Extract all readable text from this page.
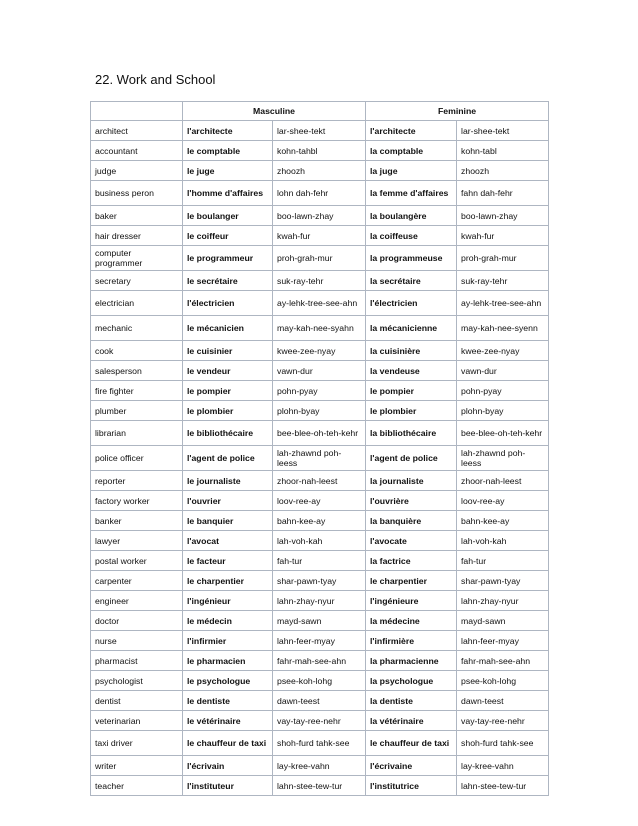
22. Work and School
	Masculine		Feminine	
architect	l'architecte	lar-shee-tekt	l'architecte	lar-shee-tekt
accountant	le comptable	kohn-tahbl	la comptable	kohn-tabl
judge	le juge	zhoozh	la juge	zhoozh
business peron	l'homme d'affaires	lohn dah-fehr	la femme d'affaires	fahn dah-fehr
baker	le boulanger	boo-lawn-zhay	la boulangère	boo-lawn-zhay
hair dresser	le coiffeur	kwah-fur	la coiffeuse	kwah-fur
computer programmer	le programmeur	proh-grah-mur	la programmeuse	proh-grah-mur
secretary	le secrétaire	suk-ray-tehr	la secrétaire	suk-ray-tehr
electrician	l'électricien	ay-lehk-tree-see-ahn	l'électricien	ay-lehk-tree-see-ahn
mechanic	le mécanicien	may-kah-nee-syahn	la mécanicienne	may-kah-nee-syenn
cook	le cuisinier	kwee-zee-nyay	la cuisinière	kwee-zee-nyay
salesperson	le vendeur	vawn-dur	la vendeuse	vawn-dur
fire fighter	le pompier	pohn-pyay	le pompier	pohn-pyay
plumber	le plombier	plohn-byay	le plombier	plohn-byay
librarian	le bibliothécaire	bee-blee-oh-teh-kehr	la bibliothécaire	bee-blee-oh-teh-kehr
police officer	l'agent de police	lah-zhawnd poh-leess	l'agent de police	lah-zhawnd poh-leess
reporter	le journaliste	zhoor-nah-leest	la journaliste	zhoor-nah-leest
factory worker	l'ouvrier	loov-ree-ay	l'ouvrière	loov-ree-ay
banker	le banquier	bahn-kee-ay	la banquière	bahn-kee-ay
lawyer	l'avocat	lah-voh-kah	l'avocate	lah-voh-kah
postal worker	le facteur	fah-tur	la factrice	fah-tur
carpenter	le charpentier	shar-pawn-tyay	le charpentier	shar-pawn-tyay
engineer	l'ingénieur	lahn-zhay-nyur	l'ingénieure	lahn-zhay-nyur
doctor	le médecin	mayd-sawn	la médecine	mayd-sawn
nurse	l'infirmier	lahn-feer-myay	l'infirmière	lahn-feer-myay
pharmacist	le pharmacien	fahr-mah-see-ahn	la pharmacienne	fahr-mah-see-ahn
psychologist	le psychologue	psee-koh-lohg	la psychologue	psee-koh-lohg
dentist	le dentiste	dawn-teest	la dentiste	dawn-teest
veterinarian	le vétérinaire	vay-tay-ree-nehr	la vétérinaire	vay-tay-ree-nehr
taxi driver	le chauffeur de taxi	shoh-furd tahk-see	le chauffeur de taxi	shoh-furd tahk-see
writer	l'écrivain	lay-kree-vahn	l'écrivaine	lay-kree-vahn
teacher	l'instituteur	lahn-stee-tew-tur	l'institutrice	lahn-stee-tew-tur
